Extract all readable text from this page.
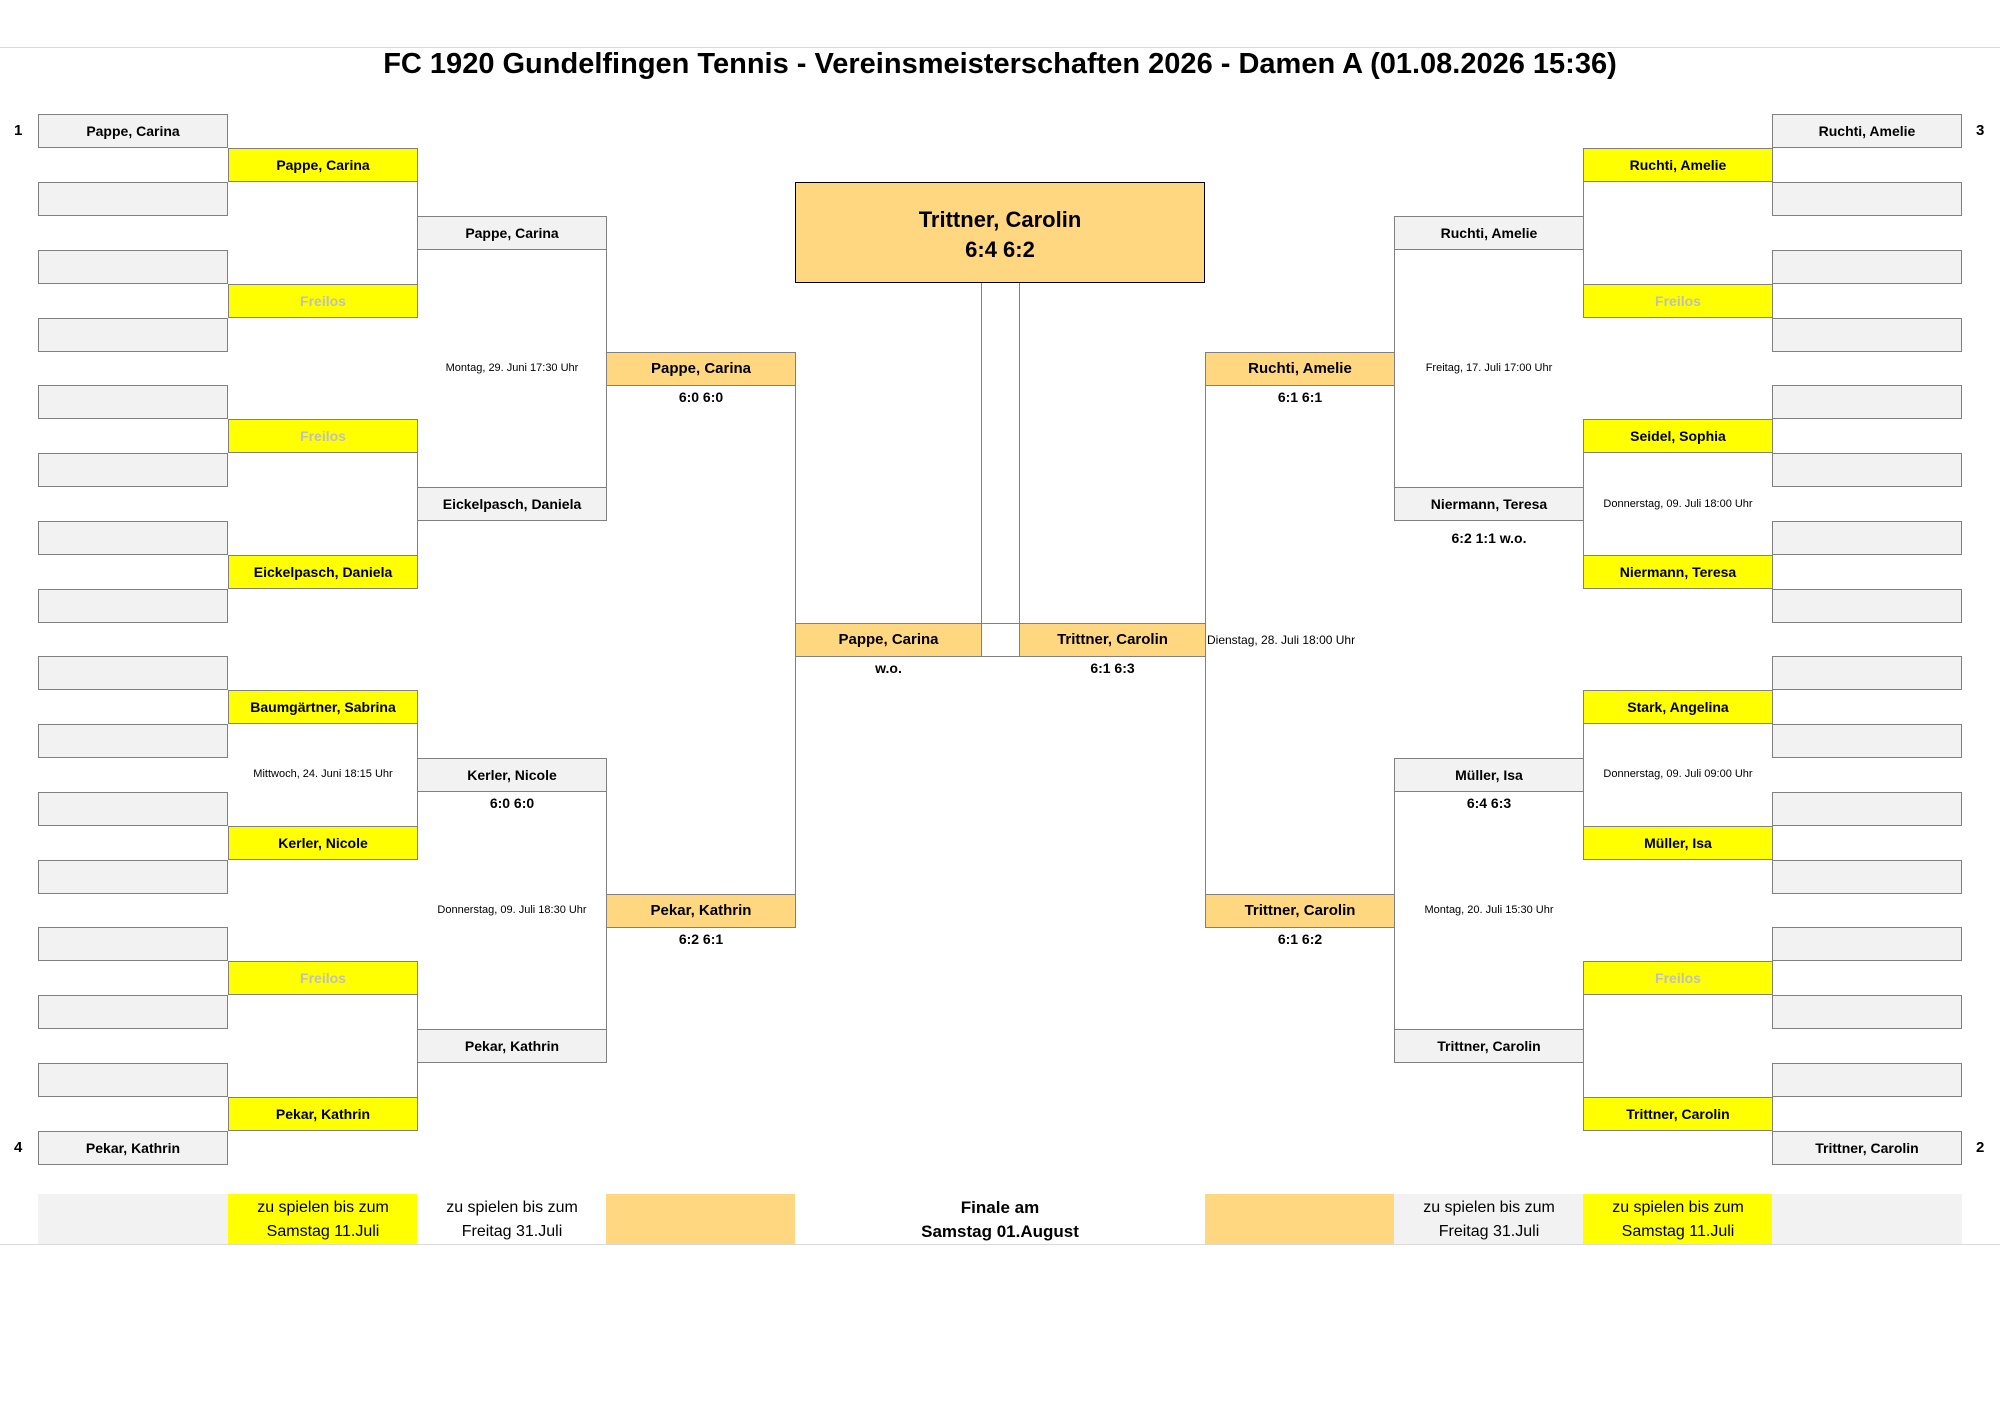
FC 1920 Gundelfingen Tennis - Vereinsmeisterschaften 2026 - Damen A (01.08.2026 15:36)
1
4
3
2
Pappe, Carina
Pekar, Kathrin
Pappe, Carina
Freilos
Freilos
Eickelpasch, Daniela
Baumgärtner, Sabrina
Kerler, Nicole
Freilos
Pekar, Kathrin
Pappe, Carina
Eickelpasch, Daniela
Kerler, Nicole
Pekar, Kathrin
6:0 6:0
Pappe, Carina
Pekar, Kathrin
6:0 6:0
6:2 6:1
Montag, 29. Juni 17:30 Uhr
Mittwoch, 24. Juni 18:15 Uhr
Donnerstag, 09. Juli 18:30 Uhr
Ruchti, Amelie
Trittner, Carolin
Ruchti, Amelie
Freilos
Seidel, Sophia
Niermann, Teresa
Stark, Angelina
Müller, Isa
Freilos
Trittner, Carolin
Ruchti, Amelie
Niermann, Teresa
Müller, Isa
Trittner, Carolin
6:2 1:1 w.o.
6:4 6:3
Ruchti, Amelie
Trittner, Carolin
6:1 6:1
6:1 6:2
Freitag, 17. Juli 17:00 Uhr
Donnerstag, 09. Juli 18:00 Uhr
Donnerstag, 09. Juli 09:00 Uhr
Montag, 20. Juli 15:30 Uhr
Trittner, Carolin
6:4 6:2
Pappe, Carina	Trittner, Carolin
w.o.	6:1 6:3
Dienstag, 28. Juli 18:00 Uhr
zu spielen bis zum
Samstag 11.Juli
zu spielen bis zum
Freitag 31.Juli
Finale am
Samstag 01.August
zu spielen bis zum
Freitag 31.Juli
zu spielen bis zum
Samstag 11.Juli
